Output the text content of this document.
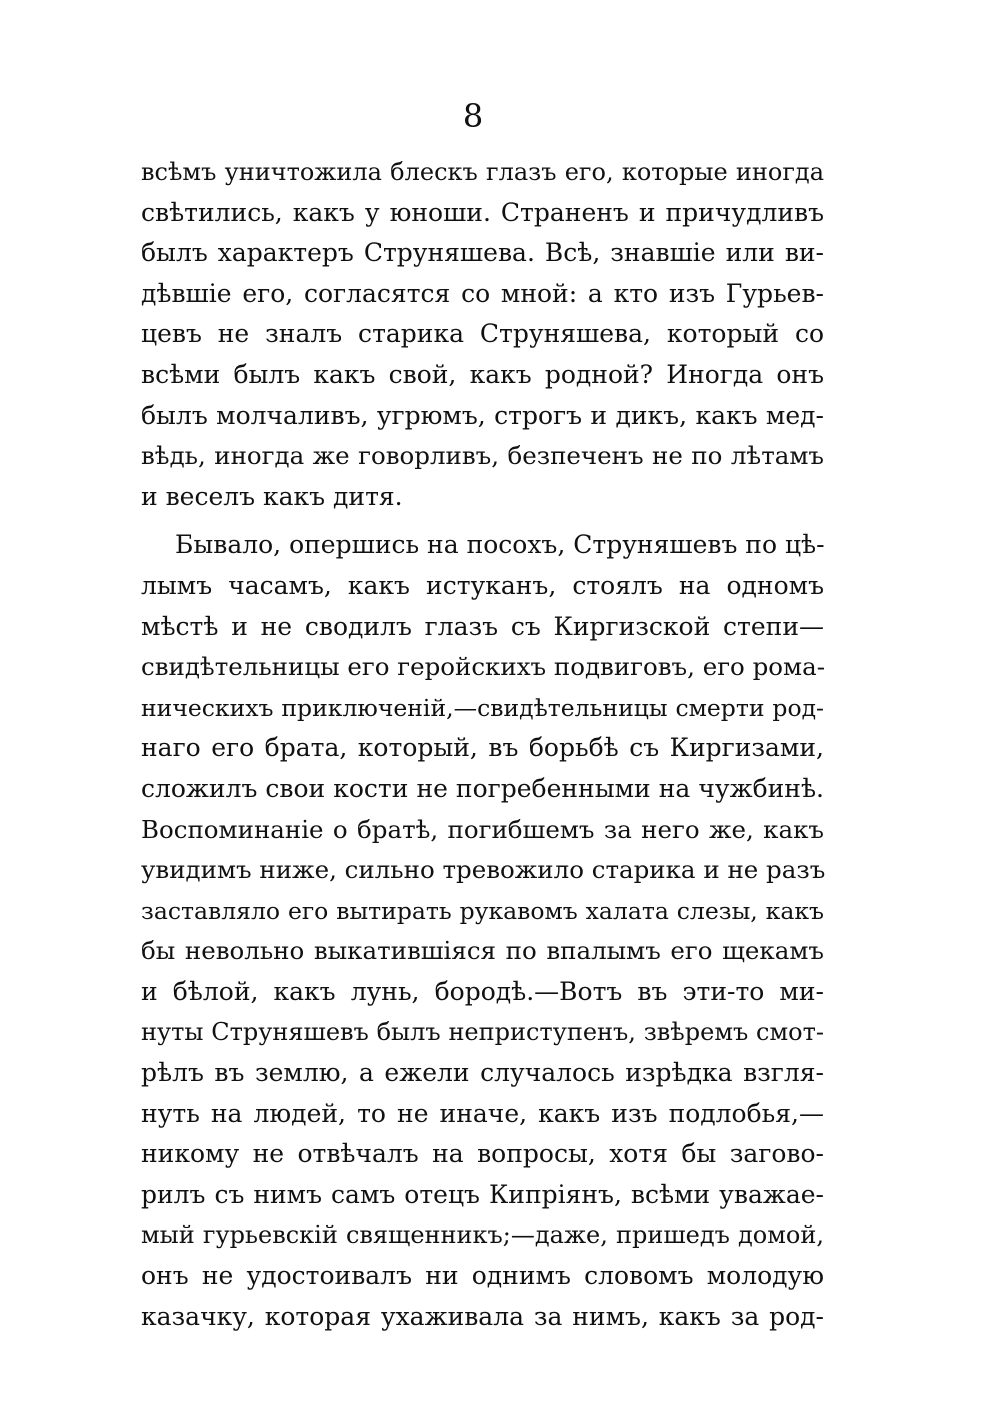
8
всѣмъ уничтожила блескъ глазъ его, которые иногда
свѣтились, какъ у юноши. Страненъ и причудливъ
былъ характеръ Струняшева. Всѣ, знавшіе или ви-
дѣвшіе его, согласятся со мной: а кто изъ Гурьев-
цевъ не зналъ старика Струняшева, который со
всѣми былъ какъ свой, какъ родной? Иногда онъ
былъ молчаливъ, угрюмъ, строгъ и дикъ, какъ мед-
вѣдь, иногда же говорливъ, безпеченъ не по лѣтамъ
и веселъ какъ дитя.
Бывало, опершись на посохъ, Струняшевъ по цѣ-
лымъ часамъ, какъ истуканъ, стоялъ на одномъ
мѣстѣ и не сводилъ глазъ съ Киргизской степи—
свидѣтельницы его геройскихъ подвиговъ, его рома-
ническихъ приключеній,—свидѣтельницы смерти род-
наго его брата, который, въ борьбѣ съ Киргизами,
сложилъ свои кости не погребенными на чужбинѣ.
Воспоминаніе о братѣ, погибшемъ за него же, какъ
увидимъ ниже, сильно тревожило старика и не разъ
заставляло его вытирать рукавомъ халата слезы, какъ
бы невольно выкатившіяся по впалымъ его щекамъ
и бѣлой, какъ лунь, бородѣ.—Вотъ въ эти-то ми-
нуты Струняшевъ былъ неприступенъ, звѣремъ смот-
рѣлъ въ землю, а ежели случалось изрѣдка взгля-
нуть на людей, то не иначе, какъ изъ подлобья,—
никому не отвѣчалъ на вопросы, хотя бы загово-
рилъ съ нимъ самъ отецъ Кипріянъ, всѣми уважае-
мый гурьевскій священникъ;—даже, пришедъ домой,
онъ не удостоивалъ ни однимъ словомъ молодую
казачку, которая ухаживала за нимъ, какъ за род-
